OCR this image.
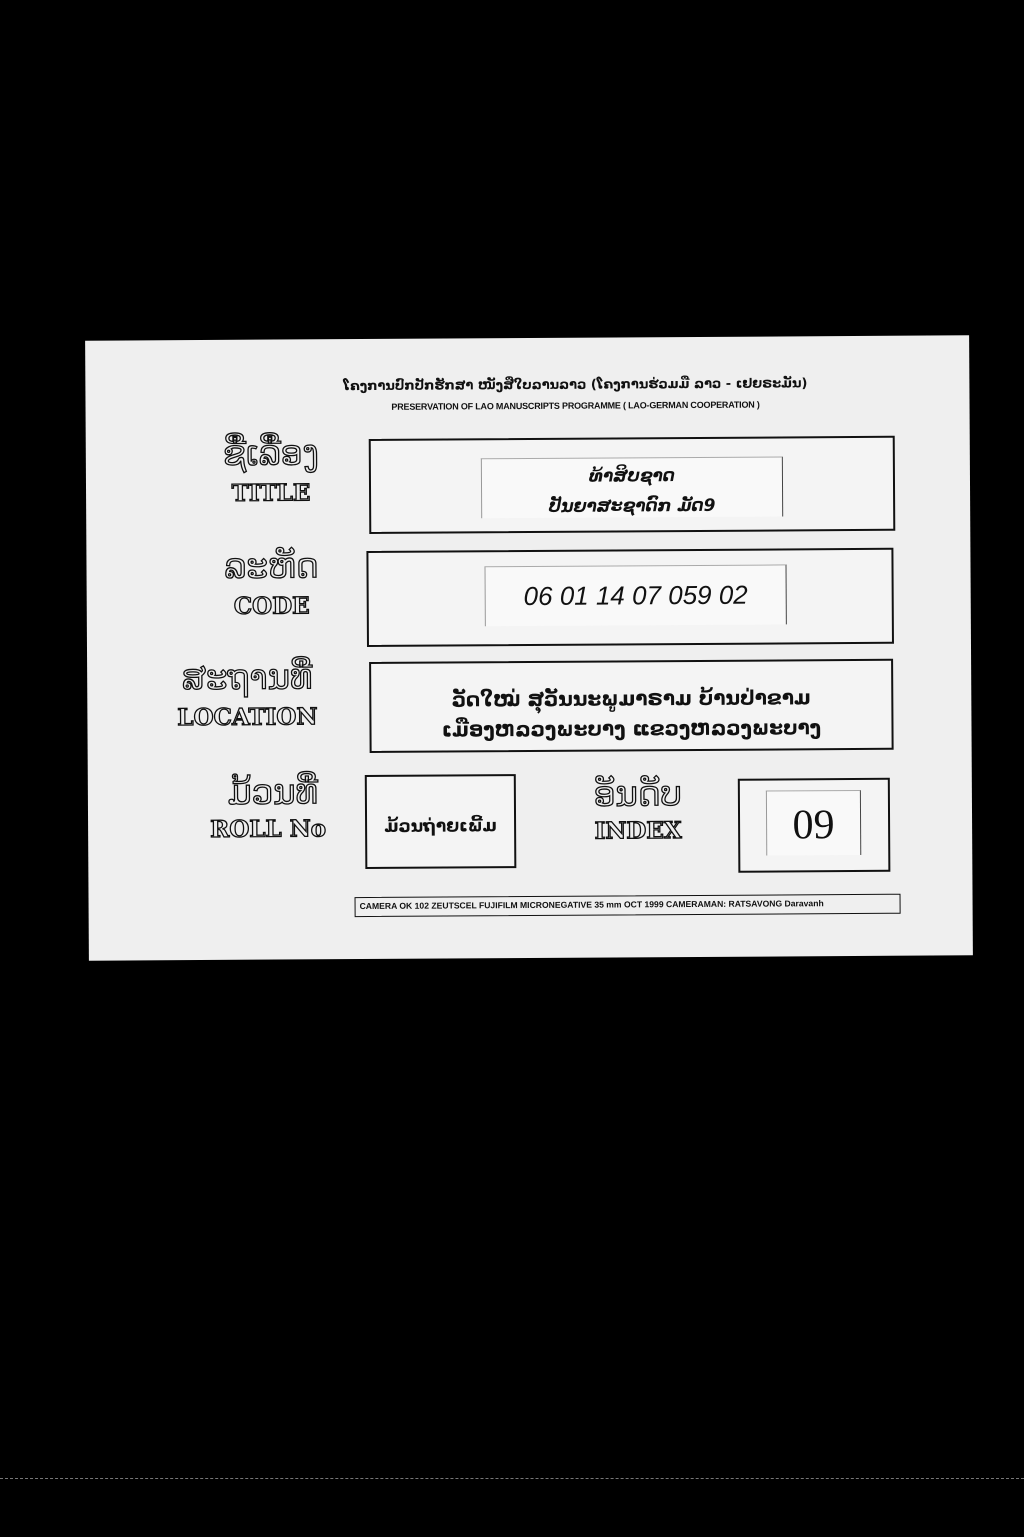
ໂຄງການປົກປັກຮັກສາ ໜັງສືໃບລານລາວ (ໂຄງການຮ່ວມມື ລາວ - ເຢຍຣະມັນ)
PRESERVATION OF LAO MANUSCRIPTS PROGRAMME ( LAO-GERMAN COOPERATION )
ຊື່ເລື່ອງ
TITLE
ທ້າສິບຊາດ
ປັນຍາສະຊາດົກ ມັດ9
ລະຫັດ
CODE	06 01 14 07 059 02
ສະຖານທີ່
LOCATION
ວັດໃໝ່ ສຸວັນນະພູມາຣາມ ບ້ານປ່າຂາມ
ເມືອງຫລວງພະບາງ ແຂວງຫລວງພະບາງ
ມ້ວນທີ່
ROLL No	ມ້ວນຖ່າຍເພີ້ມ
ອັນດັບ
INDEX	09
CAMERA OK 102 ZEUTSCEL FUJIFILM MICRONEGATIVE 35 mm OCT 1999 CAMERAMAN: RATSAVONG Daravanh
